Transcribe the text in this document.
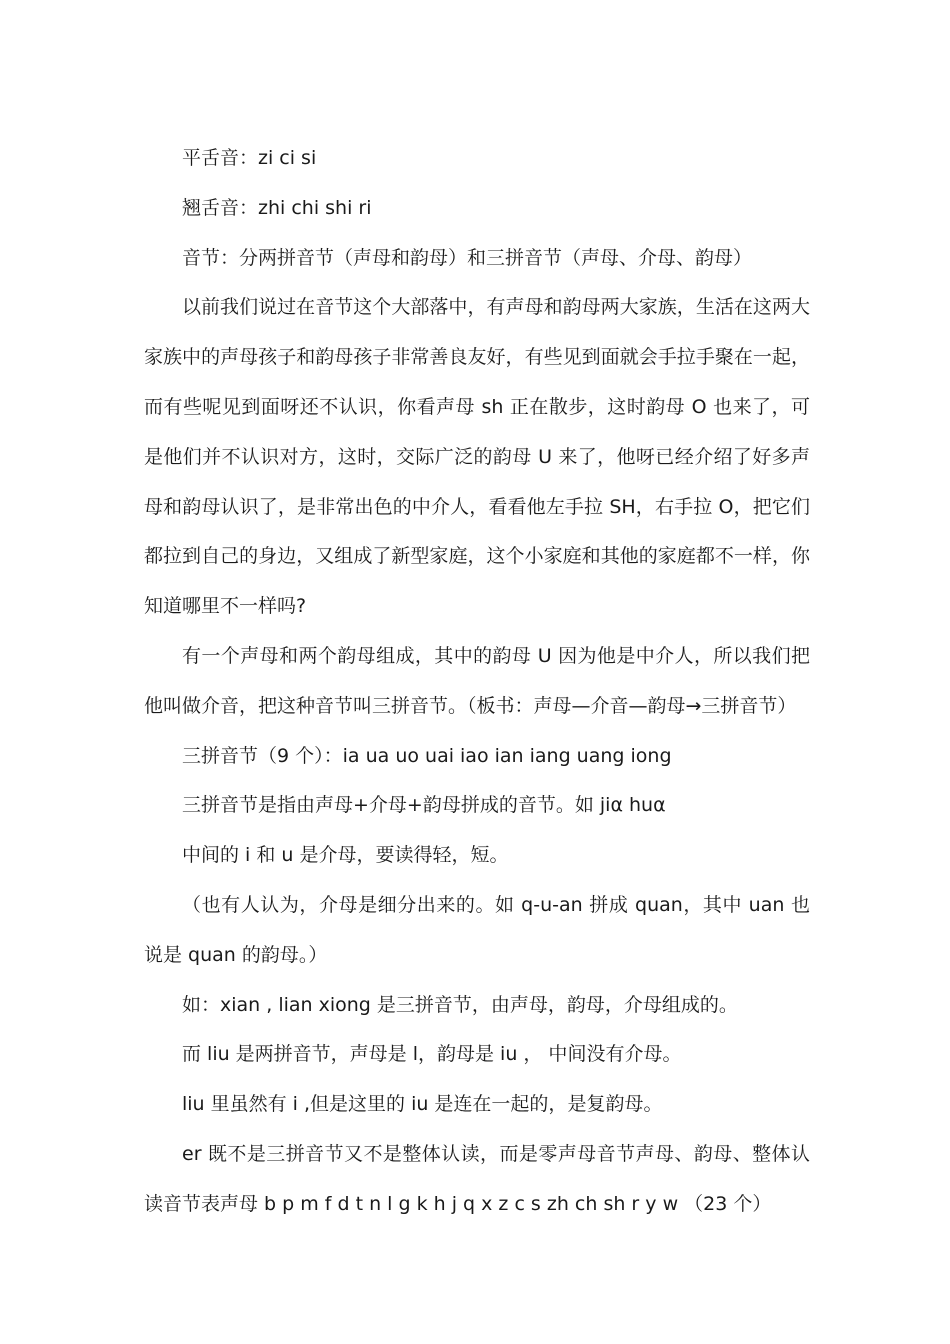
平舌音：zi ci si

翘舌音：zhi chi shi ri

音节：分两拼音节（声母和韵母）和三拼音节（声母、介母、韵母）

以前我们说过在音节这个大部落中，有声母和韵母两大家族，生活在这两大家族中的声母孩子和韵母孩子非常善良友好，有些见到面就会手拉手聚在一起，而有些呢见到面呀还不认识，你看声母 sh 正在散步，这时韵母 O 也来了，可是他们并不认识对方，这时，交际广泛的韵母 U 来了，他呀已经介绍了好多声母和韵母认识了，是非常出色的中介人，看看他左手拉 SH，右手拉 O，把它们都拉到自己的身边，又组成了新型家庭，这个小家庭和其他的家庭都不一样，你知道哪里不一样吗?

有一个声母和两个韵母组成，其中的韵母 U 因为他是中介人，所以我们把他叫做介音，把这种音节叫三拼音节。（板书：声母—介音—韵母→三拼音节）

三拼音节（9 个）：ia ua uo uai iao ian iang uang iong

三拼音节是指由声母+介母+韵母拼成的音节。如 jiα huα

中间的 i 和 u 是介母，要读得轻，短。

（也有人认为，介母是细分出来的。如 q-u-an 拼成 quan，其中 uan 也说是 quan 的韵母。）

如：xian , lian xiong 是三拼音节，由声母，韵母，介母组成的。

而 liu 是两拼音节，声母是 l，韵母是 iu ， 中间没有介母。

liu 里虽然有 i ,但是这里的 iu 是连在一起的，是复韵母。

er 既不是三拼音节又不是整体认读，而是零声母音节声母、韵母、整体认读音节表声母 b p m f d t n l g k h j q x z c s zh ch sh r y w （23 个）
